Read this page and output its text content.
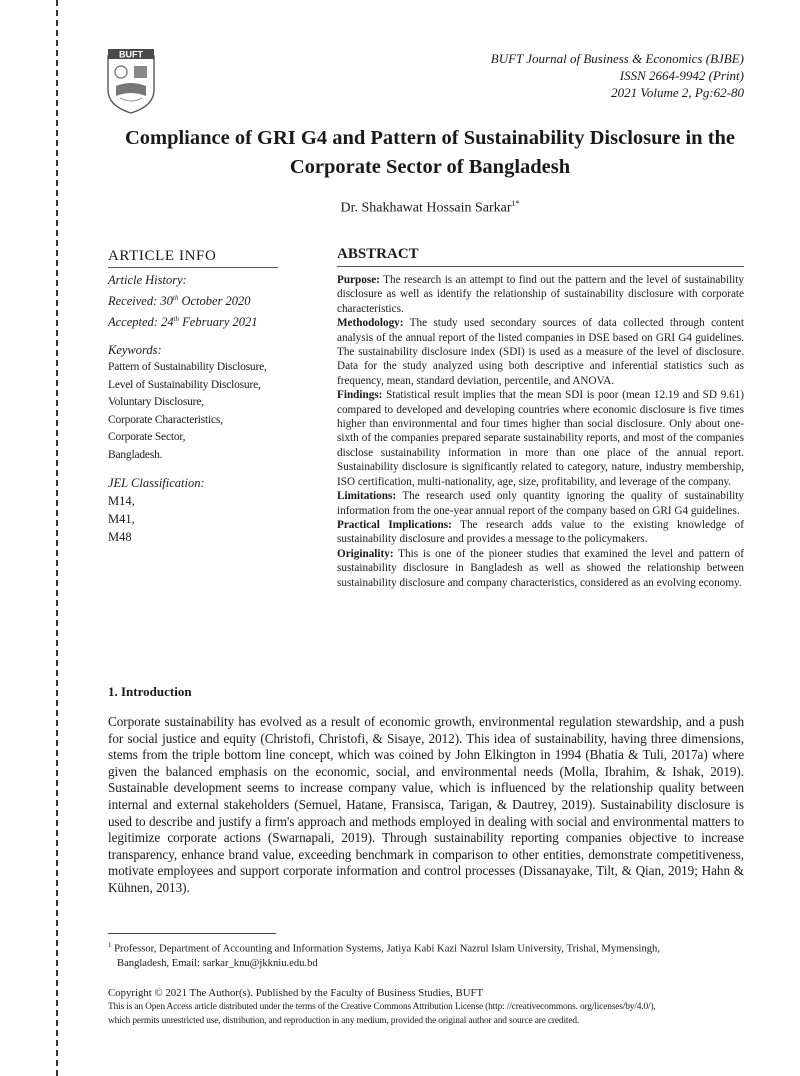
BUFT	BUFT Journal of Business & Economics (BJBE)
ISSN 2664-9942 (Print)
2021 Volume 2, Pg:62-80
Compliance of GRI G4 and Pattern of Sustainability Disclosure in the
Corporate Sector of Bangladesh
Dr. Shakhawat Hossain Sarkar$^{1*}$
ARTICLE INFO
Article History:
Received: 30th October 2020
Accepted: 24th February 2021
Keywords:
Pattern of Sustainability Disclosure,
Level of Sustainability Disclosure,
Voluntary Disclosure,
Corporate Characteristics,
Corporate Sector,
Bangladesh.
JEL Classification:
M14,
M41,
M48
ABSTRACT

Purpose: The research is an attempt to find out the pattern and the level of sustainability disclosure as well as identify the relationship of sustainability disclosure with corporate characteristics.

Methodology: The study used secondary sources of data collected through content analysis of the annual report of the listed companies in DSE based on GRI G4 guidelines. The sustainability disclosure index (SDI) is used as a measure of the level of disclosure. Data for the study analyzed using both descriptive and inferential statistics such as frequency, mean, standard deviation, percentile, and ANOVA.

Findings: Statistical result implies that the mean SDI is poor (mean 12.19 and SD 9.61) compared to developed and developing countries where economic disclosure is five times higher than environmental and four times higher than social disclosure. Only about one-sixth of the companies prepared separate sustainability reports, and most of the companies disclose sustainability information in more than one place of the annual report. Sustainability disclosure is significantly related to category, nature, industry membership, ISO certification, multi-nationality, age, size, profitability, and leverage of the company.

Limitations: The research used only quantity ignoring the quality of sustainability information from the one-year annual report of the company based on GRI G4 guidelines.

Practical Implications: The research adds value to the existing knowledge of sustainability disclosure and provides a message to the policymakers.

Originality: This is one of the pioneer studies that examined the level and pattern of sustainability disclosure in Bangladesh as well as showed the relationship between sustainability disclosure and company characteristics, considered as an evolving economy.

1. Introduction

Corporate sustainability has evolved as a result of economic growth, environmental regulation stewardship, and a push for social justice and equity (Christofi, Christofi, & Sisaye, 2012). This idea of sustainability, having three dimensions, stems from the triple bottom line concept, which was coined by John Elkington in 1994 (Bhatia & Tuli, 2017a) where given the balanced emphasis on the economic, social, and environmental needs (Molla, Ibrahim, & Ishak, 2019). Sustainable development seems to increase company value, which is influenced by the relationship quality between internal and external stakeholders (Semuel, Hatane, Fransisca, Tarigan, & Dautrey, 2019). Sustainability disclosure is used to describe and justify a firm's approach and methods employed in dealing with social and environmental matters to legitimize corporate actions (Swarnapali, 2019). Through sustainability reporting companies objective to increase transparency, enhance brand value, exceeding benchmark in comparison to other entities, demonstrate competitiveness, motivate employees and support corporate information and control processes (Dissanayake, Tilt, & Qian, 2019; Hahn & Kühnen, 2013).

$^1$ Professor, Department of Accounting and Information Systems, Jatiya Kabi Kazi Nazrul Islam University, Trishal, Mymensingh,
Bangladesh, Email: sarkar_knu@jkkniu.edu.bd
Copyright © 2021 The Author(s). Published by the Faculty of Business Studies, BUFT
This is an Open Access article distributed under the terms of the Creative Commons Attribution License (http: //creativecommons. org/licenses/by/4.0/),
which permits unrestricted use, distribution, and reproduction in any medium, provided the original author and source are credited.
